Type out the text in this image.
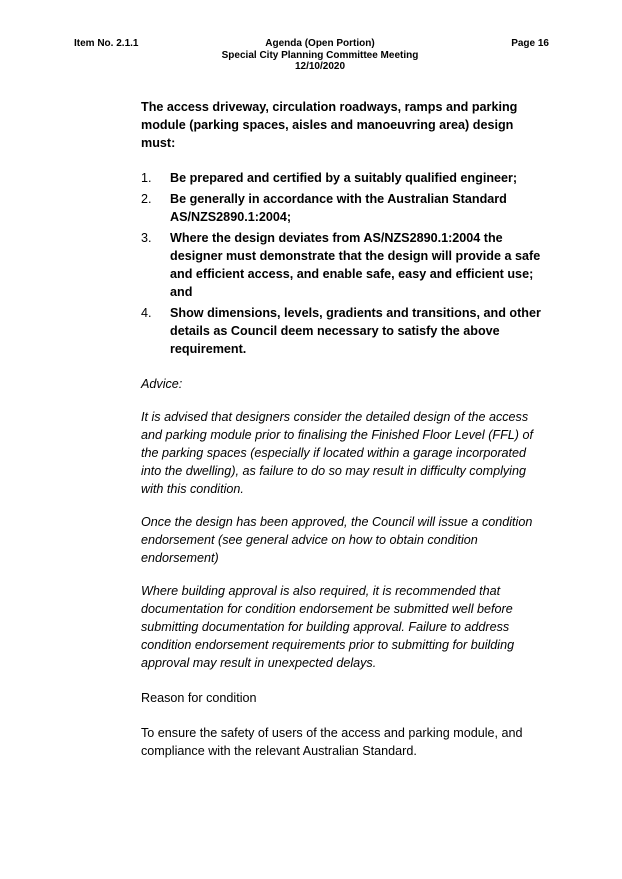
Item No. 2.1.1	Agenda (Open Portion)
Special City Planning Committee Meeting
12/10/2020
Page 16

The access driveway, circulation roadways, ramps and parking module (parking spaces, aisles and manoeuvring area) design must:

1.	Be prepared and certified by a suitably qualified engineer;
2.	Be generally in accordance with the Australian Standard AS/NZS2890.1:2004;
3.	Where the design deviates from AS/NZS2890.1:2004 the designer must demonstrate that the design will provide a safe and efficient access, and enable safe, easy and efficient use; and
4.	Show dimensions, levels, gradients and transitions, and other details as Council deem necessary to satisfy the above requirement.

Advice:

It is advised that designers consider the detailed design of the access and parking module prior to finalising the Finished Floor Level (FFL) of the parking spaces (especially if located within a garage incorporated into the dwelling), as failure to do so may result in difficulty complying with this condition.

Once the design has been approved, the Council will issue a condition endorsement (see general advice on how to obtain condition endorsement)

Where building approval is also required, it is recommended that documentation for condition endorsement be submitted well before submitting documentation for building approval. Failure to address condition endorsement requirements prior to submitting for building approval may result in unexpected delays.

Reason for condition

To ensure the safety of users of the access and parking module, and compliance with the relevant Australian Standard.
